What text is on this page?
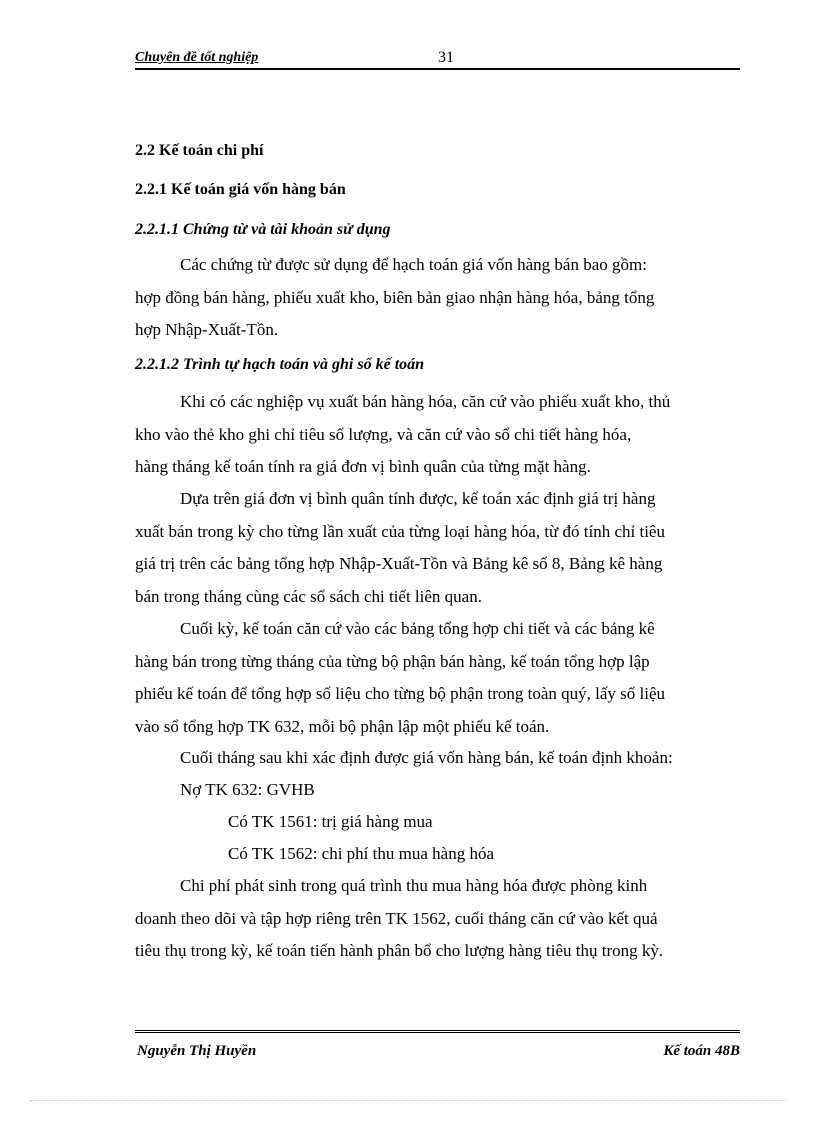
Chuyên đề tốt nghiệp	31
2.2 Kế toán chi phí
2.2.1 Kế toán giá vốn hàng bán
2.2.1.1 Chứng từ và tài khoản sử dụng
Các chứng từ được sử dụng để hạch toán giá vốn hàng bán bao gồm:
hợp đồng bán hàng, phiếu xuất kho, biên bản giao nhận hàng hóa, bảng tổng
hợp Nhập-Xuất-Tồn.
2.2.1.2 Trình tự hạch toán và ghi sổ kế toán
Khi có các nghiệp vụ xuất bán hàng hóa, căn cứ vào phiếu xuất kho, thủ
kho vào thẻ kho ghi chỉ tiêu số lượng, và căn cứ vào sổ chi tiết hàng hóa,
hàng tháng kế toán tính ra giá đơn vị bình quân của từng mặt hàng.
Dựa trên giá đơn vị bình quân tính được, kế toán xác định giá trị hàng
xuất bán trong kỳ cho từng lần xuất của từng loại hàng hóa, từ đó tính chỉ tiêu
giá trị trên các bảng tổng hợp Nhập-Xuất-Tồn và Bảng kê số 8, Bảng kê hàng
bán trong tháng cùng các sổ sách chi tiết liên quan.
Cuối kỳ, kế toán căn cứ vào các bảng tổng hợp chi tiết và các bảng kê
hàng bán trong từng tháng của từng bộ phận bán hàng, kế toán tổng hợp lập
phiếu kế toán để tổng hợp số liệu cho từng bộ phận trong toàn quý, lấy số liệu
vào sổ tổng hợp TK 632, mỗi bộ phận lập một phiếu kế toán.
Cuối tháng sau khi xác định được giá vốn hàng bán, kế toán định khoản:
Nợ TK 632: GVHB
Có TK 1561: trị giá hàng mua
Có TK 1562: chi phí thu mua hàng hóa
Chi phí phát sinh trong quá trình thu mua hàng hóa được phòng kinh
doanh theo dõi và tập hợp riêng trên TK 1562, cuối tháng căn cứ vào kết quả
tiêu thụ trong kỳ, kế toán tiến hành phân bổ cho lượng hàng tiêu thụ trong kỳ.
Nguyễn Thị Huyền	Kế toán 48B
